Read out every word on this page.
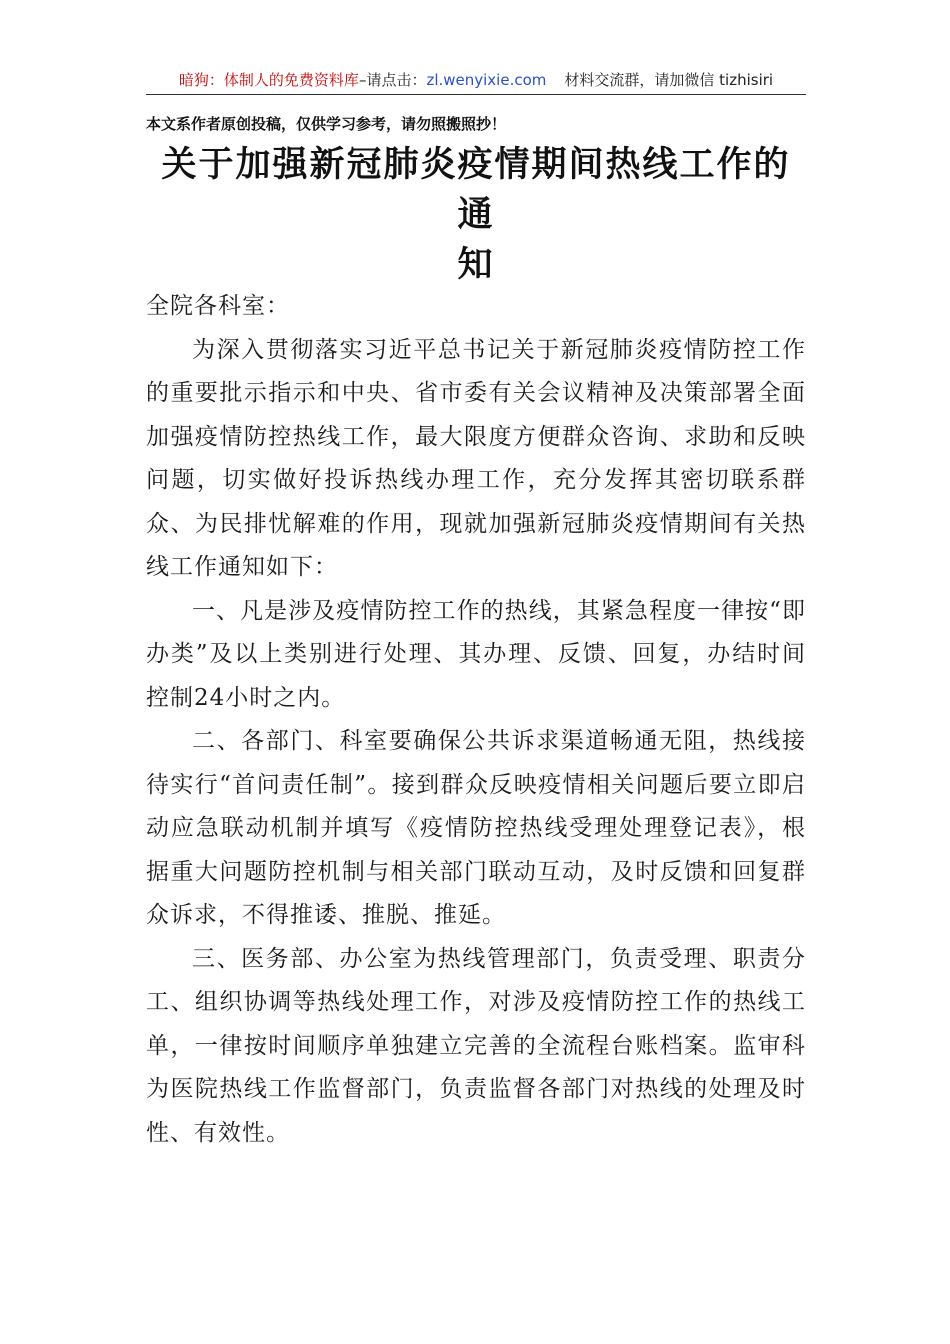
暗狗：体制人的免费资料库–请点击：zl.wenyixie.com 材料交流群，请加微信 tizhisiri
本文系作者原创投稿，仅供学习参考，请勿照搬照抄！
关于加强新冠肺炎疫情期间热线工作的通
知

全院各科室：

为深入贯彻落实习近平总书记关于新冠肺炎疫情防控工作的重要批示指示和中央、省市委有关会议精神及决策部署全面加强疫情防控热线工作，最大限度方便群众咨询、求助和反映问题，切实做好投诉热线办理工作，充分发挥其密切联系群众、为民排忧解难的作用，现就加强新冠肺炎疫情期间有关热线工作通知如下：

一、凡是涉及疫情防控工作的热线，其紧急程度一律按“即办类”及以上类别进行处理、其办理、反馈、回复，办结时间控制24小时之内。

二、各部门、科室要确保公共诉求渠道畅通无阻，热线接待实行“首问责任制”。接到群众反映疫情相关问题后要立即启动应急联动机制并填写《疫情防控热线受理处理登记表》，根据重大问题防控机制与相关部门联动互动，及时反馈和回复群众诉求，不得推诿、推脱、推延。

三、医务部、办公室为热线管理部门，负责受理、职责分工、组织协调等热线处理工作，对涉及疫情防控工作的热线工单，一律按时间顺序单独建立完善的全流程台账档案。监审科为医院热线工作监督部门，负责监督各部门对热线的处理及时性、有效性。
